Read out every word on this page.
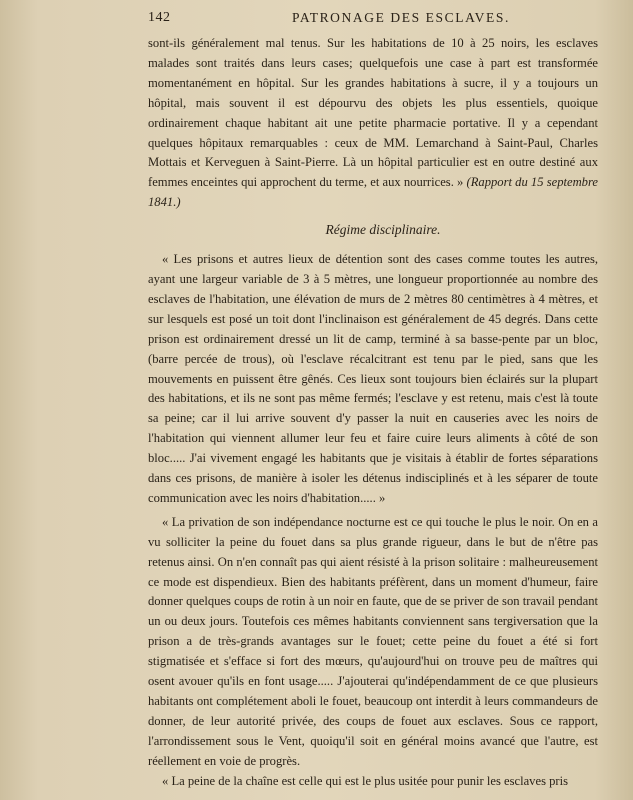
142	PATRONAGE DES ESCLAVES.

sont-ils généralement mal tenus. Sur les habitations de 10 à 25 noirs, les esclaves malades sont traités dans leurs cases; quelquefois une case à part est transformée momentanément en hôpital. Sur les grandes habitations à sucre, il y a toujours un hôpital, mais souvent il est dépourvu des objets les plus essentiels, quoique ordinairement chaque habitant ait une petite pharmacie portative. Il y a cependant quelques hôpitaux remarquables : ceux de MM. Lemarchand à Saint-Paul, Charles Mottais et Kerveguen à Saint-Pierre. Là un hôpital particulier est en outre destiné aux femmes enceintes qui approchent du terme, et aux nourrices. » (Rapport du 15 septembre 1841.)

Régime disciplinaire.

« Les prisons et autres lieux de détention sont des cases comme toutes les autres, ayant une largeur variable de 3 à 5 mètres, une longueur proportionnée au nombre des esclaves de l'habitation, une élévation de murs de 2 mètres 80 centimètres à 4 mètres, et sur lesquels est posé un toit dont l'inclinaison est généralement de 45 degrés. Dans cette prison est ordinairement dressé un lit de camp, terminé à sa basse-pente par un bloc, (barre percée de trous), où l'esclave récalcitrant est tenu par le pied, sans que les mouvements en puissent être gênés. Ces lieux sont toujours bien éclairés sur la plupart des habitations, et ils ne sont pas même fermés; l'esclave y est retenu, mais c'est là toute sa peine; car il lui arrive souvent d'y passer la nuit en causeries avec les noirs de l'habitation qui viennent allumer leur feu et faire cuire leurs aliments à côté de son bloc..... J'ai vivement engagé les habitants que je visitais à établir de fortes séparations dans ces prisons, de manière à isoler les détenus indisciplinés et à les séparer de toute communication avec les noirs d'habitation..... »

« La privation de son indépendance nocturne est ce qui touche le plus le noir. On en a vu solliciter la peine du fouet dans sa plus grande rigueur, dans le but de n'être pas retenus ainsi. On n'en connaît pas qui aient résisté à la prison solitaire : malheureusement ce mode est dispendieux. Bien des habitants préfèrent, dans un moment d'humeur, faire donner quelques coups de rotin à un noir en faute, que de se priver de son travail pendant un ou deux jours. Toutefois ces mêmes habitants conviennent sans tergiversation que la prison a de très-grands avantages sur le fouet; cette peine du fouet a été si fort stigmatisée et s'efface si fort des mœurs, qu'aujourd'hui on trouve peu de maîtres qui osent avouer qu'ils en font usage..... J'ajouterai qu'indépendamment de ce que plusieurs habitants ont complétement aboli le fouet, beaucoup ont interdit à leurs commandeurs de donner, de leur autorité privée, des coups de fouet aux esclaves. Sous ce rapport, l'arrondissement sous le Vent, quoiqu'il soit en général moins avancé que l'autre, est réellement en voie de progrès.

« La peine de la chaîne est celle qui est le plus usitée pour punir les esclaves pris
